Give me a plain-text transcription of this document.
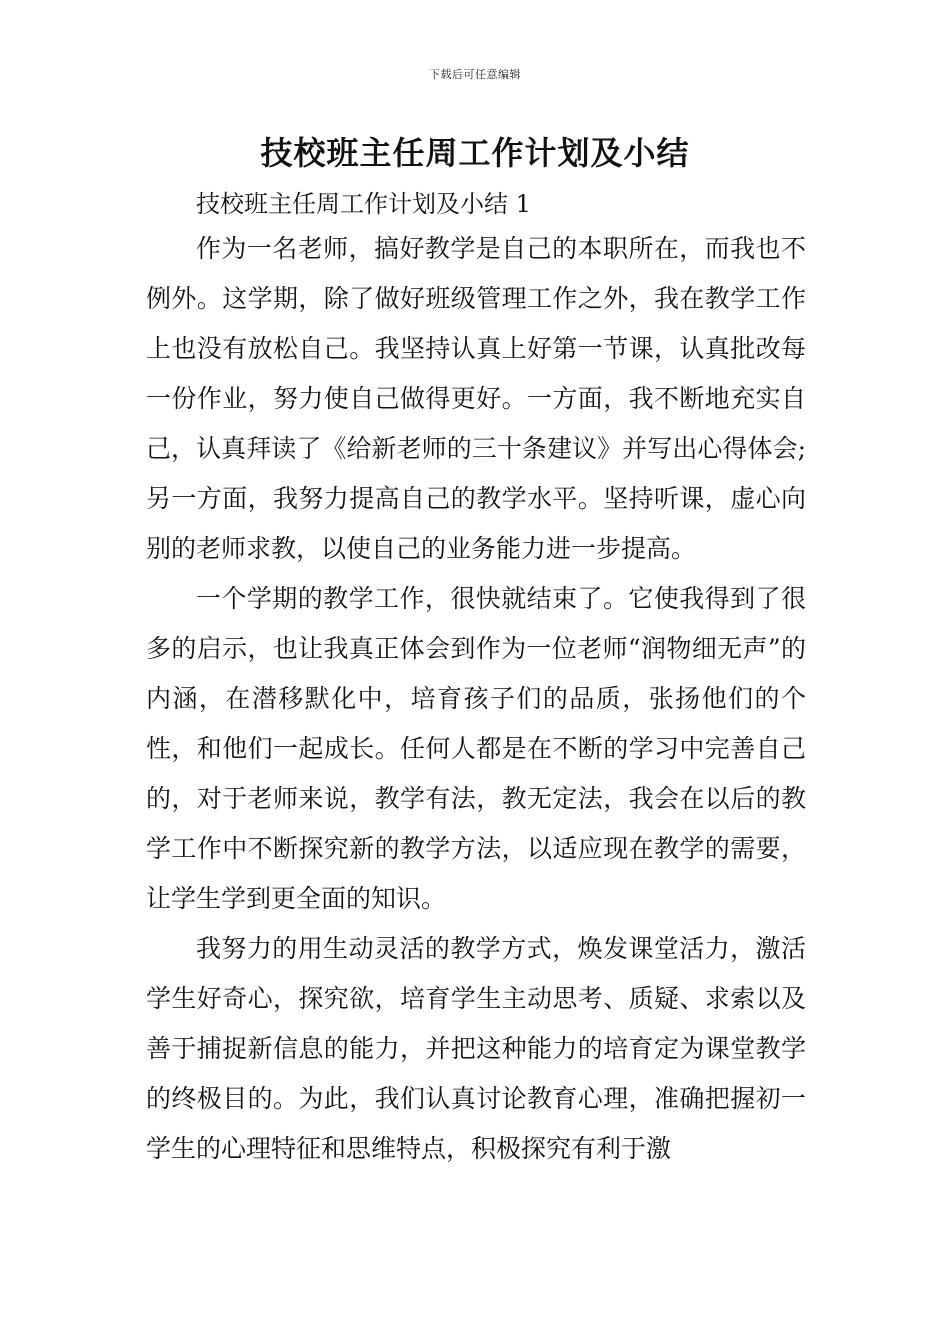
下载后可任意编辑
技校班主任周工作计划及小结
技校班主任周工作计划及小结 1

作为一名老师，搞好教学是自己的本职所在，而我也不例外。这学期，除了做好班级管理工作之外，我在教学工作上也没有放松自己。我坚持认真上好第一节课，认真批改每一份作业，努力使自己做得更好。一方面，我不断地充实自己，认真拜读了《给新老师的三十条建议》并写出心得体会;另一方面，我努力提高自己的教学水平。坚持听课，虚心向别的老师求教，以使自己的业务能力进一步提高。

一个学期的教学工作，很快就结束了。它使我得到了很多的启示，也让我真正体会到作为一位老师“润物细无声”的内涵，在潜移默化中，培育孩子们的品质，张扬他们的个性，和他们一起成长。任何人都是在不断的学习中完善自己的，对于老师来说，教学有法，教无定法，我会在以后的教学工作中不断探究新的教学方法，以适应现在教学的需要，让学生学到更全面的知识。

我努力的用生动灵活的教学方式，焕发课堂活力，激活学生好奇心，探究欲，培育学生主动思考、质疑、求索以及善于捕捉新信息的能力，并把这种能力的培育定为课堂教学的终极目的。为此，我们认真讨论教育心理，准确把握初一学生的心理特征和思维特点，积极探究有利于激
